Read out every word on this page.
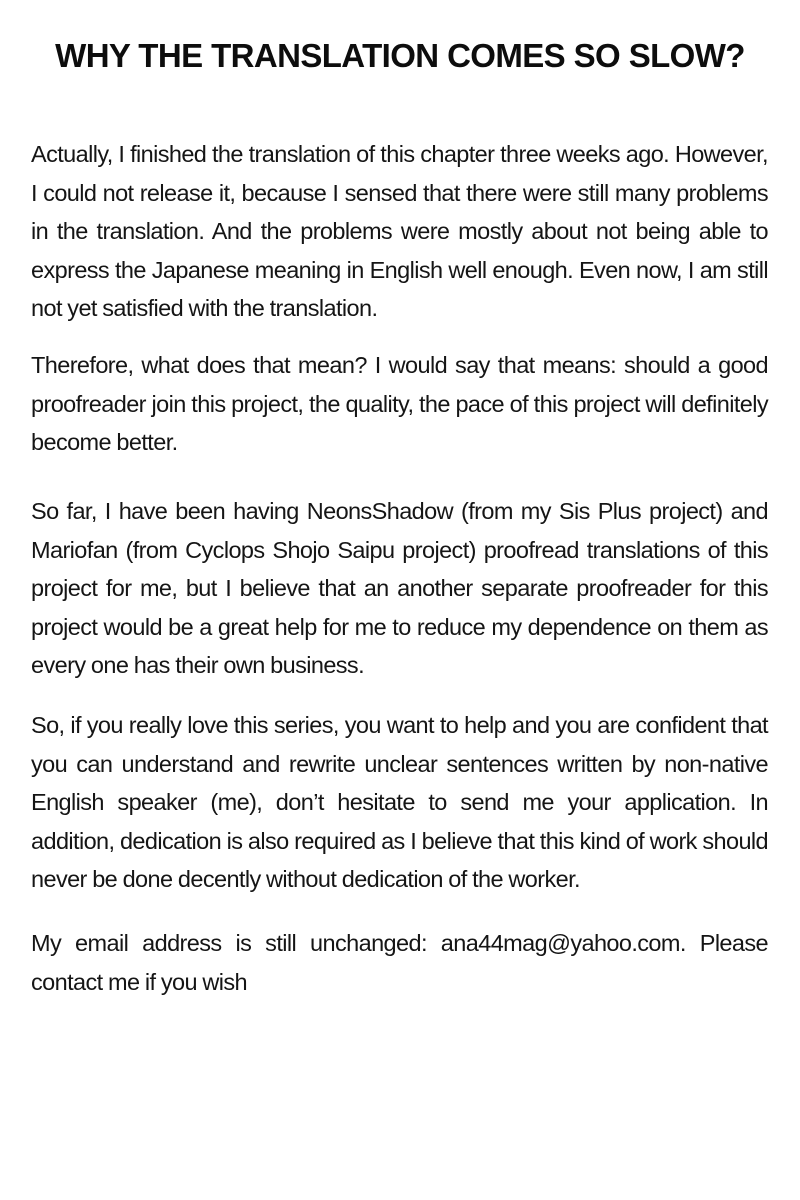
WHY THE TRANSLATION COMES SO SLOW?

Actually, I finished the translation of this chapter three weeks ago. However, I could not release it, because I sensed that there were still many problems in the translation. And the problems were mostly about not being able to express the Japanese meaning in English well enough. Even now, I am still not yet satisfied with the translation.

Therefore, what does that mean? I would say that means: should a good proofreader join this project, the quality, the pace of this project will definitely become better.

So far, I have been having NeonsShadow (from my Sis Plus project) and Mariofan (from Cyclops Shojo Saipu project) proofread translations of this project for me, but I believe that an another separate proofreader for this project would be a great help for me to reduce my dependence on them as every one has their own business.

So, if you really love this series, you want to help and you are confident that you can understand and rewrite unclear sentences written by non-native English speaker (me), don’t hesitate to send me your application. In addition, dedication is also required as I believe that this kind of work should never be done decently without dedication of the worker.

My email address is still unchanged: ana44mag@yahoo.com. Please contact me if you wish
